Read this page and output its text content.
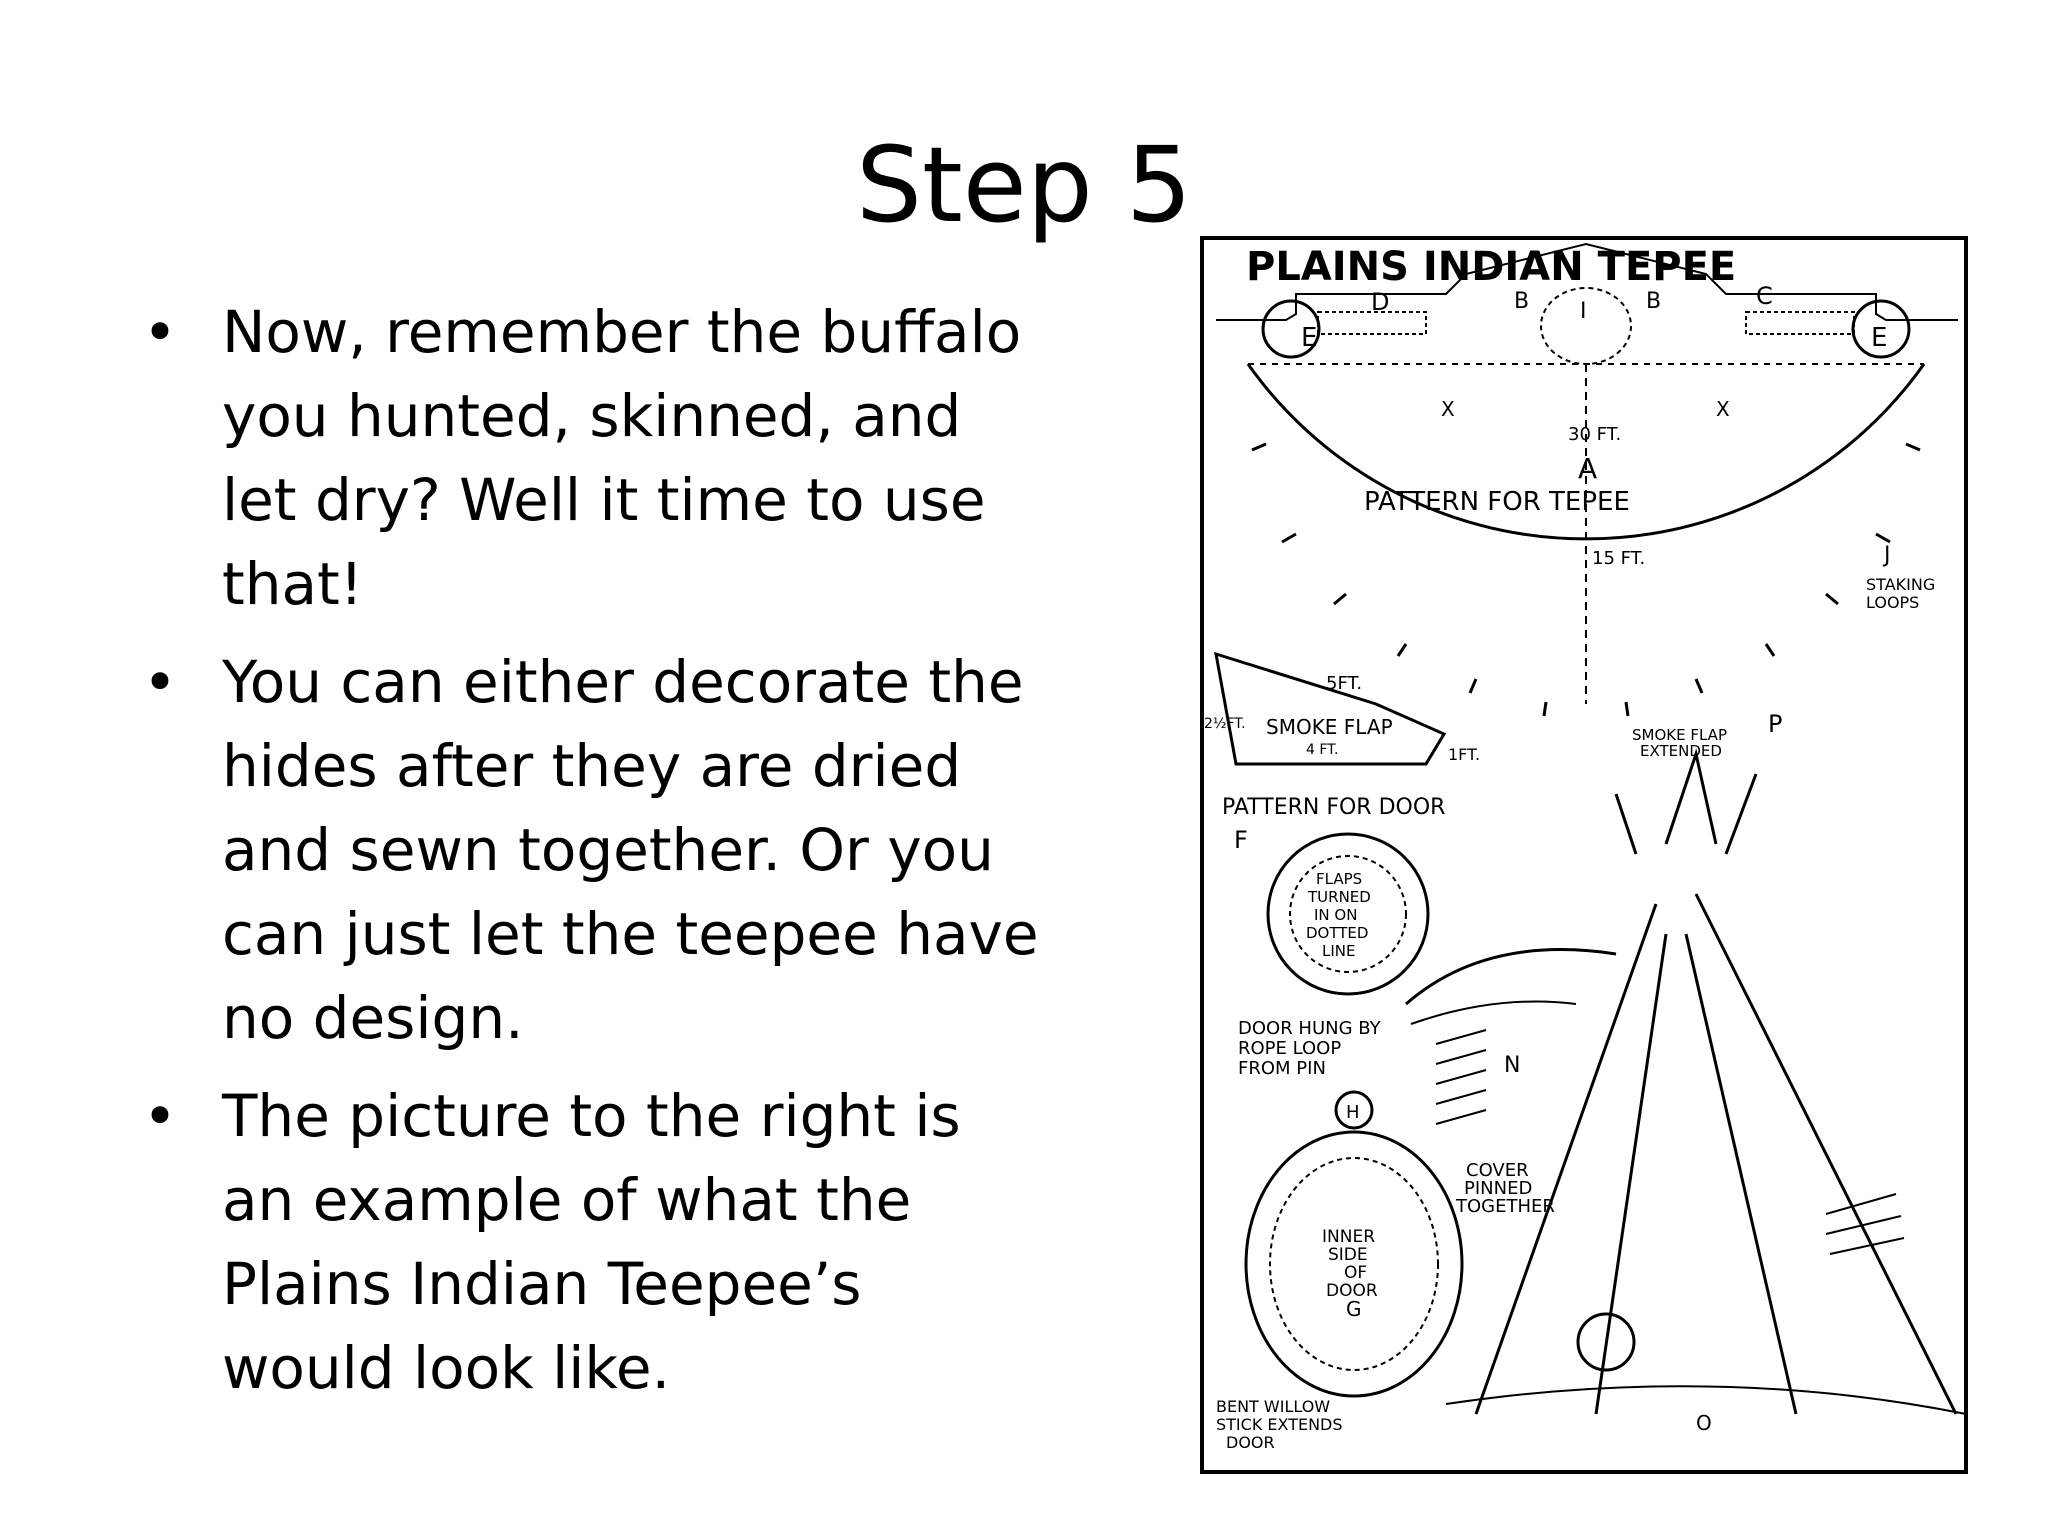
Step 5
• Now, remember the buffalo you hunted, skinned, and let dry? Well it time to use that!
• You can either decorate the hides after they are dried and sewn together. Or you can just let the teepee have no design.
• The picture to the right is an example of what the Plains Indian Teepee’s would look like.
PLAINS INDIAN TEPEE
E	E
D	C
B	B
I
X	X
30 FT.
A
PATTERN FOR TEPEE
15 FT.	J
STAKING
LOOPS
5FT.
SMOKE FLAP
4 FT.	1FT.
2½FT.
SMOKE FLAP
EXTENDED
P
PATTERN FOR DOOR
F
FLAPS
TURNED
IN ON
DOTTED
LINE
N
DOOR HUNG BY
ROPE LOOP
FROM PIN
COVER
PINNED
TOGETHER
H
INNER
SIDE
OF
DOOR
G
O
BENT WILLOW
STICK EXTENDS
DOOR
